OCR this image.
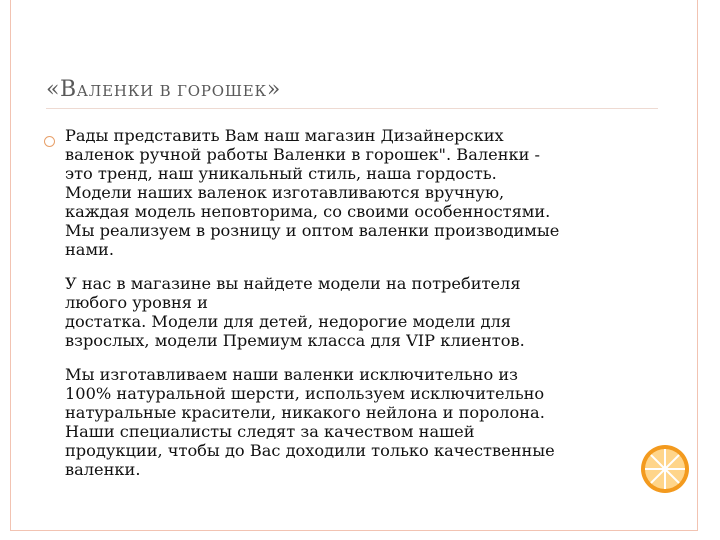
«ВАЛЕНКИ В ГОРОШЕК»

Рады представить Вам наш магазин Дизайнерских
валенок ручной работы Валенки в горошек". Валенки -
это тренд, наш уникальный стиль, наша гордость.
Модели наших валенок изготавливаются вручную,
каждая модель неповторима, со своими особенностями.
Мы реализуем в розницу и оптом валенки производимые
нами.

У нас в магазине вы найдете модели на потребителя
любого уровня и
достатка. Модели для детей, недорогие модели для
взрослых, модели Премиум класса для VIP клиентов.

Мы изготавливаем наши валенки исключительно из
100% натуральной шерсти, используем исключительно
натуральные красители, никакого нейлона и поролона.
Наши специалисты следят за качеством нашей
продукции, чтобы до Вас доходили только качественные
валенки.
